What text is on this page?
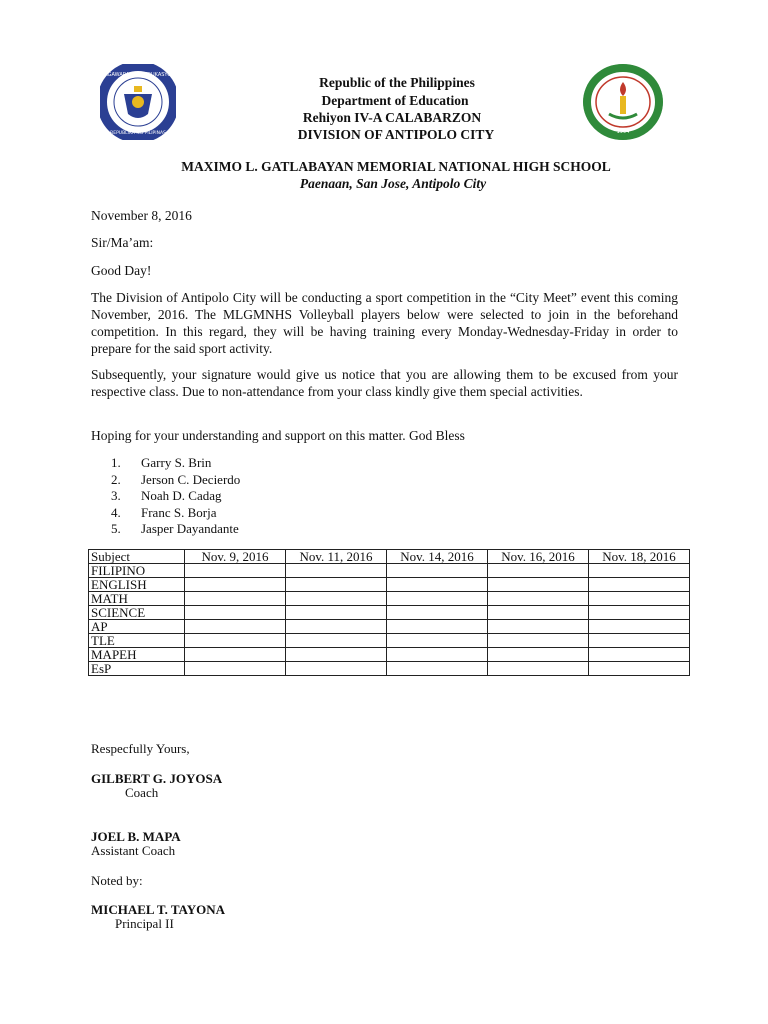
KAGAWARAN NG EDUKASYON
REPUBLIKA NG PILIPINAS	1994
Republic of the Philippines
Department of Education
Rehiyon IV-A CALABARZON
DIVISION OF ANTIPOLO CITY
MAXIMO L. GATLABAYAN MEMORIAL NATIONAL HIGH SCHOOL
Paenaan, San Jose, Antipolo City
November 8, 2016
Sir/Ma’am:
Good Day!
The Division of Antipolo City will be conducting a sport competition in the “City Meet” event this coming November, 2016. The MLGMNHS Volleyball players below were selected to join in the beforehand competition. In this regard, they will be having training every Monday-Wednesday-Friday in order to prepare for the said sport activity.
Subsequently, your signature would give us notice that you are allowing them to be excused from your respective class. Due to non-attendance from your class kindly give them special activities.
Hoping for your understanding and support on this matter. God Bless
1. Garry S. Brin
2. Jerson C. Decierdo
3. Noah D. Cadag
4. Franc S. Borja
5. Jasper Dayandante
Subject	Nov. 9, 2016	Nov. 11, 2016	Nov. 14, 2016	Nov. 16, 2016	Nov. 18, 2016
FILIPINO					
ENGLISH					
MATH					
SCIENCE					
AP					
TLE					
MAPEH					
EsP					
Respecfully Yours,
GILBERT G. JOYOSA
Coach
JOEL B. MAPA
Assistant Coach
Noted by:
MICHAEL T. TAYONA
Principal II
